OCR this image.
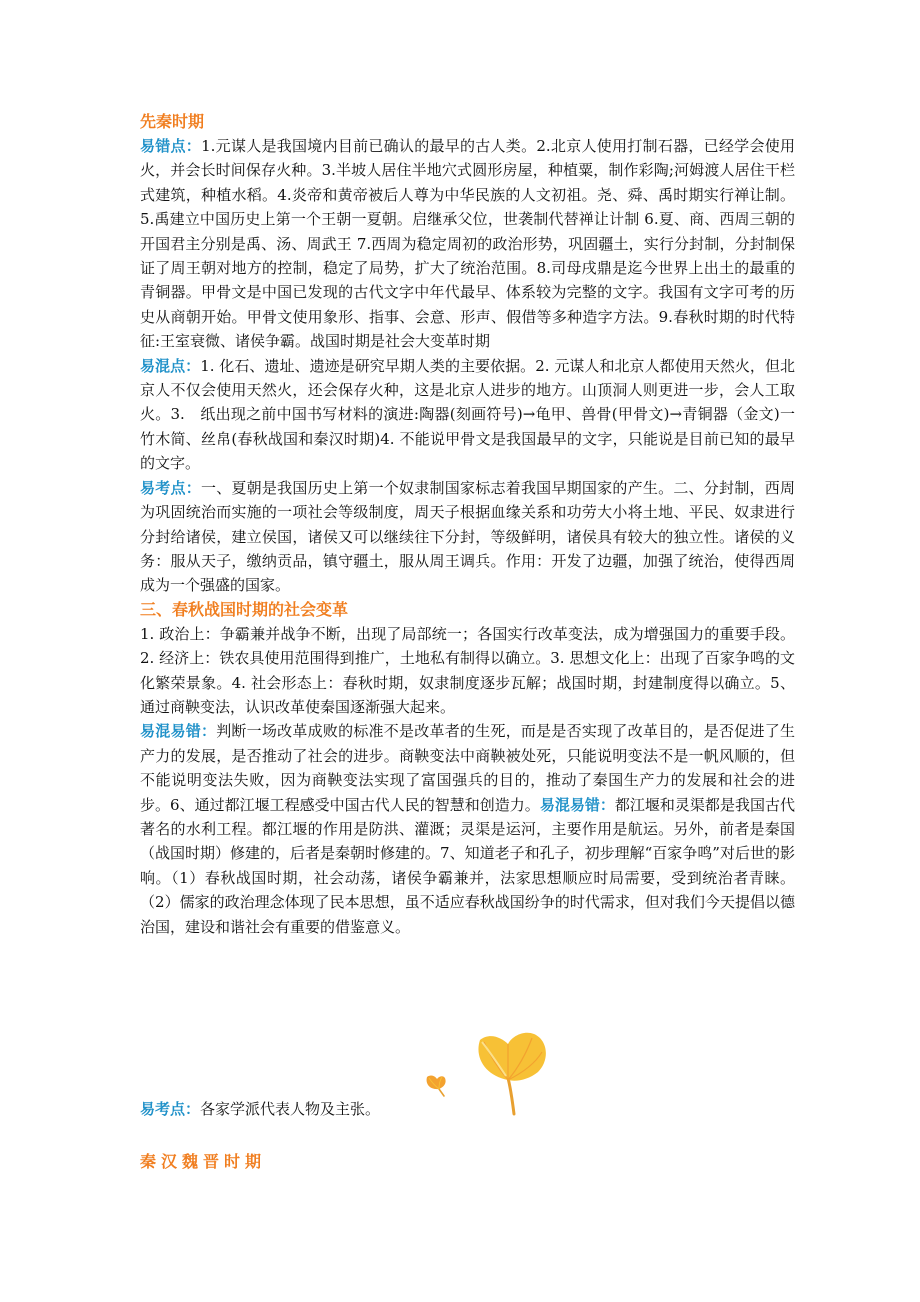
先秦时期

易错点：1.元谋人是我国境内目前已确认的最早的古人类。2.北京人使用打制石器，已经学会使用火，并会长时间保存火种。3.半坡人居住半地穴式圆形房屋，种植粟，制作彩陶;河姆渡人居住干栏式建筑，种植水稻。4.炎帝和黄帝被后人尊为中华民族的人文初祖。尧、舜、禹时期实行禅让制。5.禹建立中国历史上第一个王朝一夏朝。启继承父位，世袭制代替禅让计制 6.夏、商、西周三朝的开国君主分别是禹、汤、周武王 7.西周为稳定周初的政治形势，巩固疆土，实行分封制，分封制保证了周王朝对地方的控制，稳定了局势，扩大了统治范围。8.司母戌鼎是迄今世界上出土的最重的青铜器。甲骨文是中国已发现的古代文字中年代最早、体系较为完整的文字。我国有文字可考的历史从商朝开始。甲骨文使用象形、指事、会意、形声、假借等多种造字方法。9.春秋时期的时代特征:王室衰微、诸侯争霸。战国时期是社会大变革时期

易混点：1. 化石、遗址、遗迹是研究早期人类的主要依据。2. 元谋人和北京人都使用天然火，但北京人不仅会使用天然火，还会保存火种，这是北京人进步的地方。山顶洞人则更进一步，会人工取火。3.　纸出现之前中国书写材料的演进:陶器(刻画符号)→龟甲、兽骨(甲骨文)→青铜器（金文)一竹木简、丝帛(春秋战国和秦汉时期)4. 不能说甲骨文是我国最早的文字，只能说是目前已知的最早的文字。

易考点：一、夏朝是我国历史上第一个奴隶制国家标志着我国早期国家的产生。二、分封制，西周为巩固统治而实施的一项社会等级制度，周天子根据血缘关系和功劳大小将土地、平民、奴隶进行分封给诸侯，建立侯国，诸侯又可以继续往下分封，等级鲜明，诸侯具有较大的独立性。诸侯的义务：服从天子，缴纳贡品，镇守疆土，服从周王调兵。作用：开发了边疆，加强了统治，使得西周成为一个强盛的国家。

三、春秋战国时期的社会变革

1. 政治上：争霸兼并战争不断，出现了局部统一；各国实行改革变法，成为增强国力的重要手段。2. 经济上：铁农具使用范围得到推广，土地私有制得以确立。3. 思想文化上：出现了百家争鸣的文化繁荣景象。4. 社会形态上：春秋时期，奴隶制度逐步瓦解；战国时期，封建制度得以确立。5、通过商鞅变法，认识改革使秦国逐渐强大起来。

易混易错：判断一场改革成败的标准不是改革者的生死，而是是否实现了改革目的，是否促进了生产力的发展，是否推动了社会的进步。商鞅变法中商鞅被处死，只能说明变法不是一帆风顺的，但不能说明变法失败，因为商鞅变法实现了富国强兵的目的，推动了秦国生产力的发展和社会的进步。6、通过都江堰工程感受中国古代人民的智慧和创造力。易混易错：都江堰和灵渠都是我国古代著名的水利工程。都江堰的作用是防洪、灌溉；灵渠是运河，主要作用是航运。另外，前者是秦国（战国时期）修建的，后者是秦朝时修建的。7、知道老子和孔子，初步理解“百家争鸣”对后世的影响。（1）春秋战国时期，社会动荡，诸侯争霸兼并，法家思想顺应时局需要，受到统治者青睐。（2）儒家的政治理念体现了民本思想，虽不适应春秋战国纷争的时代需求，但对我们今天提倡以德治国，建设和谐社会有重要的借鉴意义。

易考点：各家学派代表人物及主张。

秦汉魏晋时期
